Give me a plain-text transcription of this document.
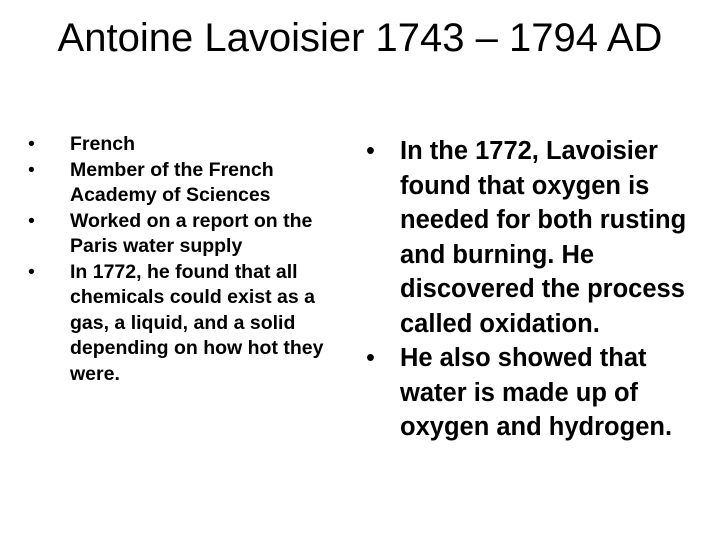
Antoine Lavoisier 1743 – 1794 AD
• French
• Member of the French Academy of Sciences
• Worked on a report on the Paris water supply
• In 1772, he found that all chemicals could exist as a gas, a liquid, and a solid depending on how hot they were.
• In the 1772, Lavoisier found that oxygen is needed for both rusting and burning. He discovered the process called oxidation.
• He also showed that water is made up of oxygen and hydrogen.
